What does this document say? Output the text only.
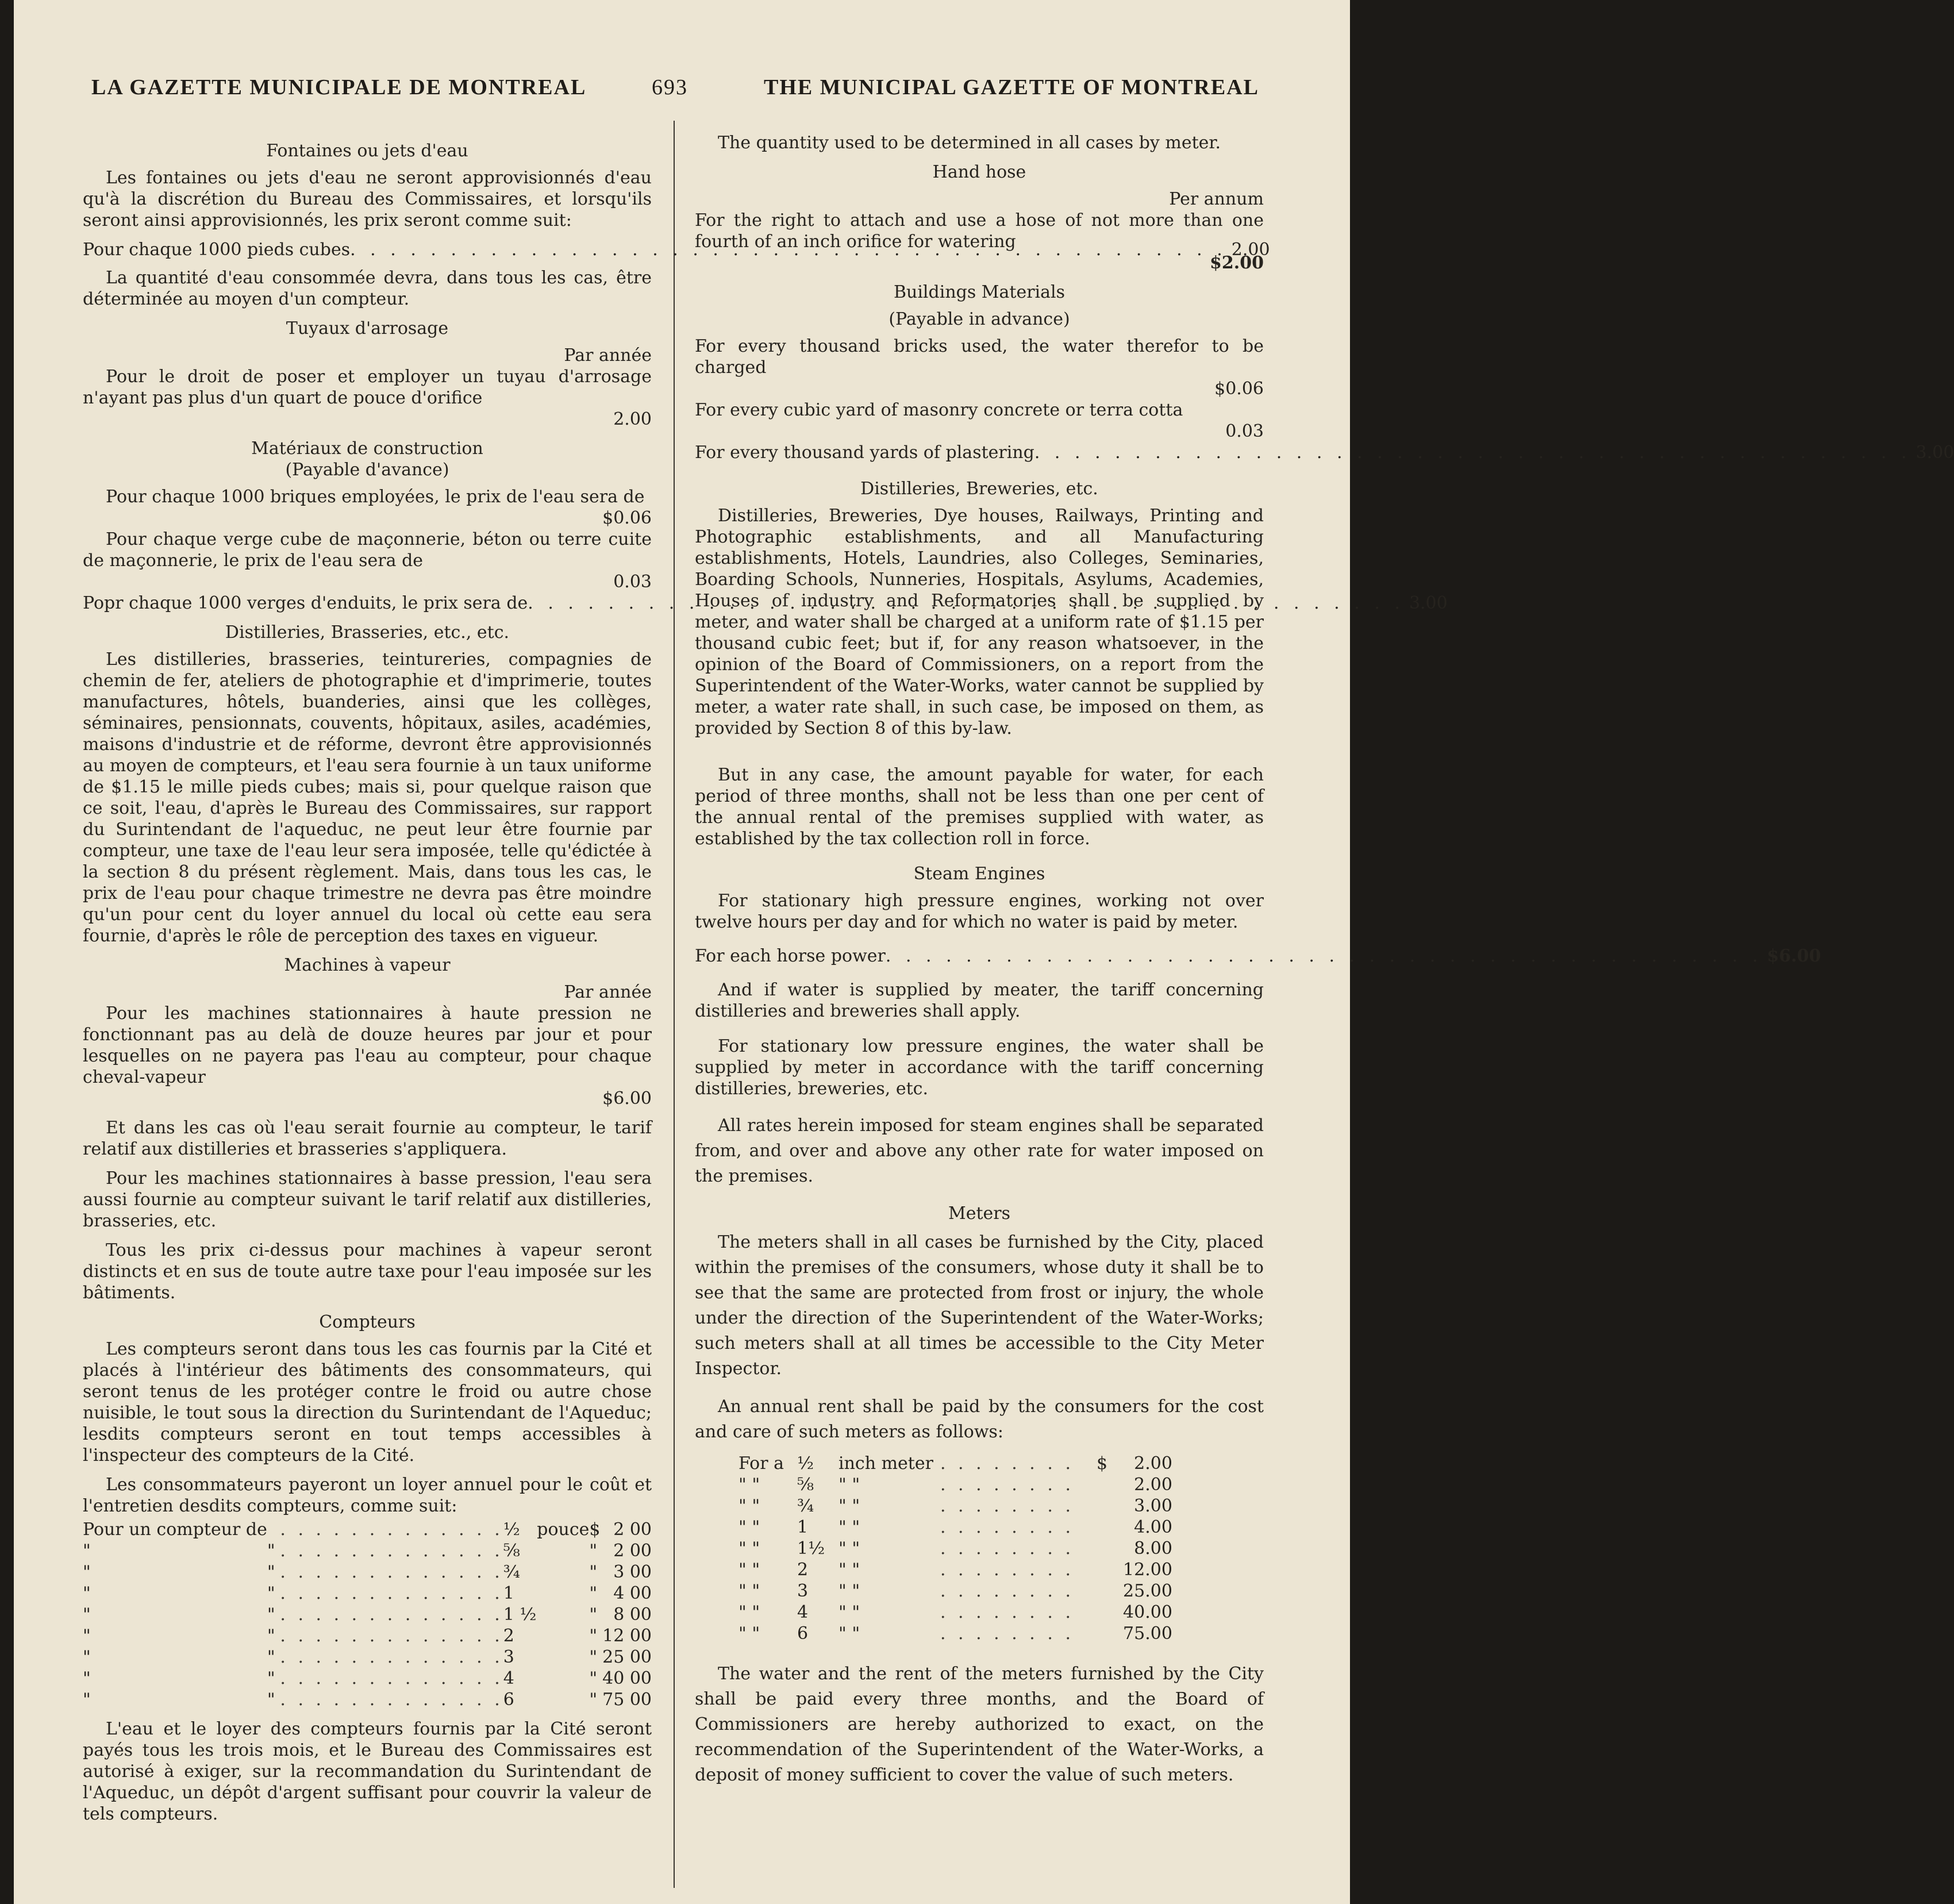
LA GAZETTE MUNICIPALE DE MONTREAL	693	THE MUNICIPAL GAZETTE OF MONTREAL
Fontaines ou jets d'eau

Les fontaines ou jets d'eau ne seront approvisionnés d'eau qu'à la discrétion du Bureau des Commissaires, et lorsqu'ils seront ainsi approvisionnés, les prix seront comme suit:

Pour chaque 1000 pieds cubes . . .	2.00

La quantité d'eau consommée devra, dans tous les cas, être déterminée au moyen d'un compteur.

Tuyaux d'arrosage

Par année

Pour le droit de poser et employer un tuyau d'arrosage n'ayant pas plus d'un quart de pouce d'orifice

2.00

Matériaux de construction
(Payable d'avance)

Pour chaque 1000 briques employées, le prix de l'eau sera de

$0.06

Pour chaque verge cube de maçonnerie, béton ou terre cuite de maçonnerie, le prix de l'eau sera de

0.03

Popr chaque 1000 verges d'enduits, le prix sera de . . .	3.00
Distilleries, Brasseries, etc., etc.

Les distilleries, brasseries, teintureries, compagnies de chemin de fer, ateliers de photographie et d'imprimerie, toutes manufactures, hôtels, buanderies, ainsi que les collèges, séminaires, pensionnats, couvents, hôpitaux, asiles, académies, maisons d'industrie et de réforme, devront être approvisionnés au moyen de compteurs, et l'eau sera fournie à un taux uniforme de $1.15 le mille pieds cubes; mais si, pour quelque raison que ce soit, l'eau, d'après le Bureau des Commissaires, sur rapport du Surintendant de l'aqueduc, ne peut leur être fournie par compteur, une taxe de l'eau leur sera imposée, telle qu'édictée à la section 8 du présent règlement. Mais, dans tous les cas, le prix de l'eau pour chaque trimestre ne devra pas être moindre qu'un pour cent du loyer annuel du local où cette eau sera fournie, d'après le rôle de perception des taxes en vigueur.

Machines à vapeur

Par année

Pour les machines stationnaires à haute pression ne fonctionnant pas au delà de douze heures par jour et pour lesquelles on ne payera pas l'eau au compteur, pour chaque cheval-vapeur

$6.00

Et dans les cas où l'eau serait fournie au compteur, le tarif relatif aux distilleries et brasseries s'appliquera.

Pour les machines stationnaires à basse pression, l'eau sera aussi fournie au compteur suivant le tarif relatif aux distilleries, brasseries, etc.

Tous les prix ci-dessus pour machines à vapeur seront distincts et en sus de toute autre taxe pour l'eau imposée sur les bâtiments.

Compteurs

Les compteurs seront dans tous les cas fournis par la Cité et placés à l'intérieur des bâtiments des consommateurs, qui seront tenus de les protéger contre le froid ou autre chose nuisible, le tout sous la direction du Surintendant de l'Aqueduc; lesdits compteurs seront en tout temps accessibles à l'inspecteur des compteurs de la Cité.

Les consommateurs payeront un loyer annuel pour le coût et l'entretien desdits compteurs, comme suit:

Pour un compteur de		. . . . . . . . . . . . .	½	pouce	$	2 00
"	"	. . . . . . . . . . . . .	⅝		"	2 00
"	"	. . . . . . . . . . . . .	¾		"	3 00
"	"	. . . . . . . . . . . . .	1		"	4 00
"	"	. . . . . . . . . . . . .	1 ½		"	8 00
"	"	. . . . . . . . . . . . .	2		"	12 00
"	"	. . . . . . . . . . . . .	3		"	25 00
"	"	. . . . . . . . . . . . .	4		"	40 00
"	"	. . . . . . . . . . . . .	6		"	75 00

L'eau et le loyer des compteurs fournis par la Cité seront payés tous les trois mois, et le Bureau des Commissaires est autorisé à exiger, sur la recommandation du Surintendant de l'Aqueduc, un dépôt d'argent suffisant pour couvrir la valeur de tels compteurs.

The quantity used to be determined in all cases by meter.

Hand hose

Per annum

For the right to attach and use a hose of not more than one fourth of an inch orifice for watering

$2.00

Buildings Materials
(Payable in advance)

For every thousand bricks used, the water therefor to be charged

$0.06

For every cubic yard of masonry concrete or terra cotta

0.03

For every thousand yards of plastering . . .	3.00
Distilleries, Breweries, etc.

Distilleries, Breweries, Dye houses, Railways, Printing and Photographic establishments, and all Manufacturing establishments, Hotels, Laundries, also Colleges, Seminaries, Boarding Schools, Nunneries, Hospitals, Asylums, Academies, Houses of industry and Reformatories shall be supplied by meter, and water shall be charged at a uniform rate of $1.15 per thousand cubic feet; but if, for any reason whatsoever, in the opinion of the Board of Commissioners, on a report from the Superintendent of the Water-Works, water cannot be supplied by meter, a water rate shall, in such case, be imposed on them, as provided by Section 8 of this by-law.

But in any case, the amount payable for water, for each period of three months, shall not be less than one per cent of the annual rental of the premises supplied with water, as established by the tax collection roll in force.

Steam Engines

For stationary high pressure engines, working not over twelve hours per day and for which no water is paid by meter.

For each horse power . . .	$6.00

And if water is supplied by meater, the tariff concerning distilleries and breweries shall apply.

For stationary low pressure engines, the water shall be supplied by meter in accordance with the tariff concerning distilleries, breweries, etc.

All rates herein imposed for steam engines shall be separated from, and over and above any other rate for water imposed on the premises.

Meters

The meters shall in all cases be furnished by the City, placed within the premises of the consumers, whose duty it shall be to see that the same are protected from frost or injury, the whole under the direction of the Superintendent of the Water-Works; such meters shall at all times be accessible to the City Meter Inspector.

An annual rent shall be paid by the consumers for the cost and care of such meters as follows:

For a	½	inch meter	. . . . . . . .	$	2.00
" "	⅝	" "	. . . . . . . .		2.00
" "	¾	" "	. . . . . . . .		3.00
" "	1	" "	. . . . . . . .		4.00
" "	1½	" "	. . . . . . . .		8.00
" "	2	" "	. . . . . . . .		12.00
" "	3	" "	. . . . . . . .		25.00
" "	4	" "	. . . . . . . .		40.00
" "	6	" "	. . . . . . . .		75.00

The water and the rent of the meters furnished by the City shall be paid every three months, and the Board of Commissioners are hereby authorized to exact, on the recommendation of the Superintendent of the Water-Works, a deposit of money sufficient to cover the value of such meters.
